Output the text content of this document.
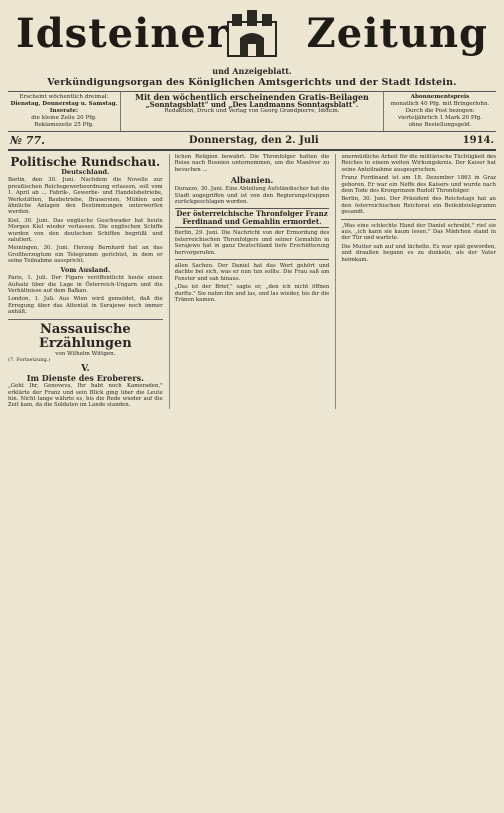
Idsteiner Zeitung
und Anzeigeblatt.
Verkündigungsorgan des Königlichen Amtsgerichts und der Stadt Idstein.
Erscheint wöchentlich dreimal:
Dienstag, Donnerstag u. Samstag.
Inserate:
die kleine Zeile 20 Pfg.
Reklamezeile 25 Pfg.
Mit den wöchentlich erscheinenden Gratis-Beilagen
„Sonntagsblatt" und „Des Landmanns Sonntagsblatt".
Redaktion, Druck und Verlag von Georg Grandpierre, Idstein.
Abonnementspreis
monatlich 40 Pfg. mit Bringerlohn.
Durch die Post bezogen:
vierteljährlich 1 Mark 20 Pfg.
ohne Bestellungsgeld.
№ 77.	Donnerstag, den 2. Juli	1914.
Politische Rundschau.
Deutschland.

Berlin, den 30. Juni. Nachdem die Novelle zur preußischen Reichsgewerbeordnung erlassen, soll vom 1. April ab ... Fabrik-, Gewerbe- und Handelsbetriebe, Werkstätten, Baubetriebe, Brauereien, Mühlen und ähnliche Anlagen den Bestimmungen unterworfen werden.

Kiel, 30. Juni. Das englische Geschwader hat heute Morgen Kiel wieder verlassen. Die englischen Schiffe wurden von den deutschen Schiffen begrüßt und salutiert.

Meiningen, 30. Juni. Herzog Bernhard hat an das Großherzogtum ein Telegramm gerichtet, in dem er seine Teilnahme ausspricht.

Vom Ausland.

Paris, 1. Juli. Der Figaro veröffentlicht heute einen Aufsatz über die Lage in Österreich-Ungarn und die Verhältnisse auf dem Balkan.

London, 1. Juli. Aus Wien wird gemeldet, daß die Erregung über das Attentat in Serajewo noch immer anhält.

Nassauische Erzählungen
von Wilhelm Wittgen.
(7. Fortsetzung.)
V.
Im Dienste des Eroberers.

„Geht Ihr, Genoveva, Ihr habt noch Kameraden," erklärte der Franz und sein Blick ging über die Leute hin. Nicht lange währte es, bis die Rede wieder auf die Zeit kam, da die Soldaten im Lande standen.

lichen Religion bewahrt. Die Thronfolger hatten die Reise nach Bosnien unternommen, um die Manöver zu besuchen ...

Albanien.

Durazzo, 30. Juni. Eine Abteilung Aufständischer hat die Stadt angegriffen und ist von den Regierungstruppen zurückgeschlagen worden.

Der österreichische Thronfolger Franz Ferdinand und Gemahlin ermordet.

Berlin, 29. Juni. Die Nachricht von der Ermordung des österreichischen Thronfolgers und seiner Gemahlin in Serajewo hat in ganz Deutschland tiefe Erschütterung hervorgerufen.

allen Sachen. Der Daniel hat das Wort gehört und dachte bei sich, was er nun tun sollte. Die Frau saß am Fenster und sah hinaus.

„Das ist der Brief," sagte er, „den ich nicht öffnen durfte." Sie nahm ihn und las, und las wieder, bis ihr die Tränen kamen.

unermüdliche Arbeit für die militärische Tüchtigkeit des Reiches in einem weiten Wirkungskreis. Der Kaiser hat seine Anteilnahme ausgesprochen.

Franz Ferdinand ist am 18. Dezember 1863 in Graz geboren. Er war ein Neffe des Kaisers und wurde nach dem Tode des Kronprinzen Rudolf Thronfolger.

Berlin, 30. Juni. Der Präsident des Reichstags hat an den österreichischen Reichsrat ein Beileidstelegramm gesandt.

„Was eine schlechte Hand der Daniel schreibt," rief sie aus, „ich kann sie kaum lesen." Das Mädchen stand in der Tür und wartete.

Die Mutter sah auf und lächelte. Es war spät geworden, und draußen begann es zu dunkeln, als der Vater heimkam.
